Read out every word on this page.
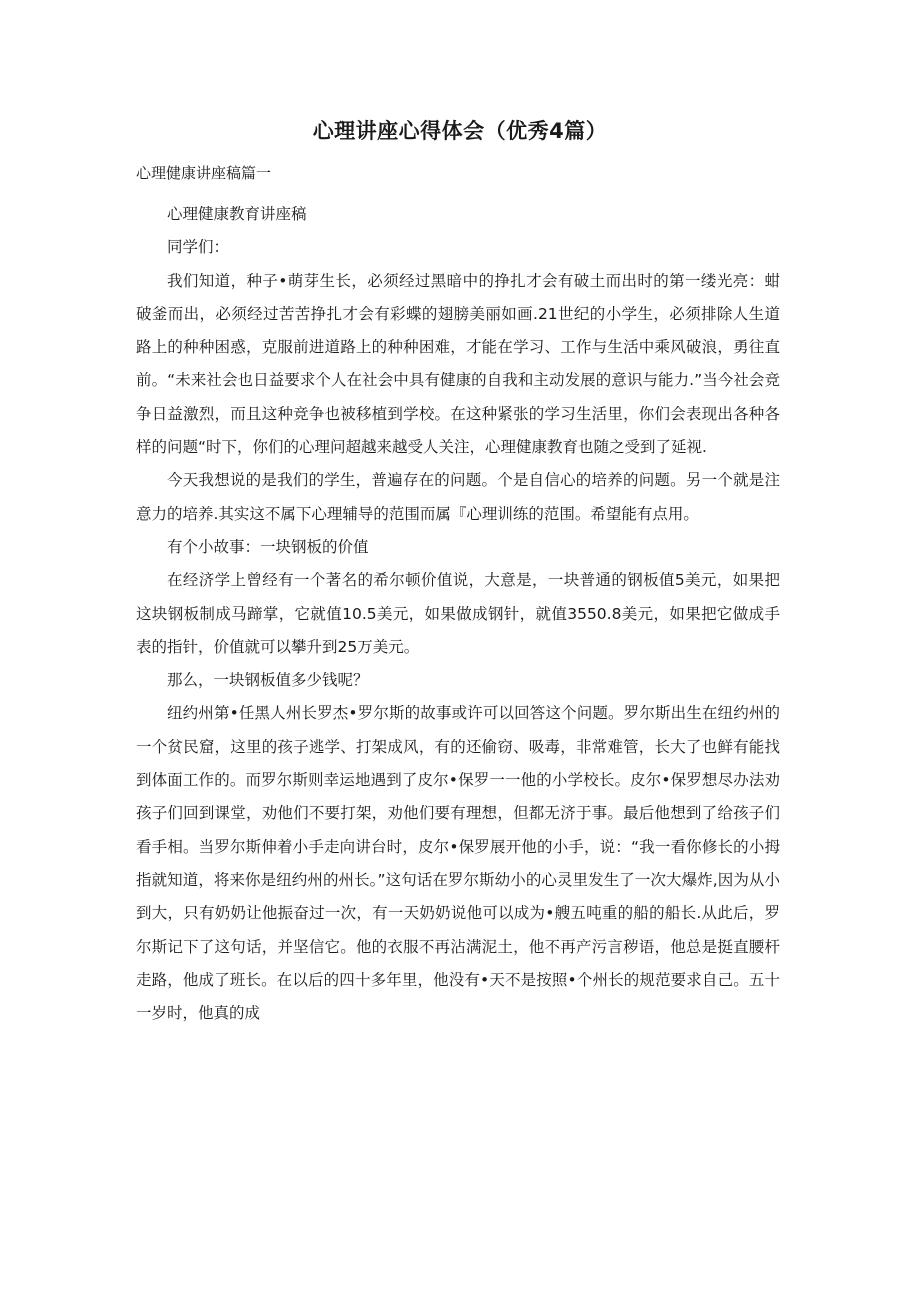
心理讲座心得体会（优秀4篇）
心理健康讲座稿篇一

心理健康教育讲座稿

同学们：

我们知道，种子•萌芽生长，必须经过黑暗中的挣扎才会有破土而出时的第一缕光亮：蚶破釜而出，必须经过苦苦挣扎才会有彩蝶的翅膀美丽如画.21世纪的小学生，必须排除人生道路上的种种困惑，克服前进道路上的种种困难，才能在学习、工作与生活中乘风破浪，勇往直前。“未来社会也日益要求个人在社会中具有健康的自我和主动发展的意识与能力.”当今社会竞争日益激烈，而且这种竞争也被移植到学校。在这种紧张的学习生活里，你们会表现出各种各样的问题“时下，你们的心理问超越来越受人关注，心理健康教育也随之受到了延视.

今天我想说的是我们的学生，普遍存在的问题。个是自信心的培养的问题。另一个就是注意力的培养.其实这不属下心理辅导的范围而属『心理训练的范围。希望能有点用。

有个小故事：一块钢板的价值

在经济学上曾经有一个著名的希尔顿价值说，大意是，一块普通的钢板值5美元，如果把这块钢板制成马蹄掌，它就值10.5美元，如果做成钢针，就值3550.8美元，如果把它做成手表的指针，价值就可以攀升到25万美元。

那么，一块钢板值多少钱呢？

纽约州第•任黑人州长罗杰•罗尔斯的故事或许可以回答这个问题。罗尔斯出生在纽约州的一个贫民窟，这里的孩子逃学、打架成风，有的还偷窃、吸毒，非常难管，长大了也鲜有能找到体面工作的。而罗尔斯则幸运地遇到了皮尔•保罗一一他的小学校长。皮尔•保罗想尽办法劝孩子们回到课堂，劝他们不要打架，劝他们要有理想，但都无济于事。最后他想到了给孩子们看手相。当罗尔斯伸着小手走向讲台时，皮尔•保罗展开他的小手，说：“我一看你修长的小拇指就知道，将来你是纽约州的州长。”这句话在罗尔斯幼小的心灵里发生了一次大爆炸,因为从小到大，只有奶奶让他振奋过一次，有一天奶奶说他可以成为•艘五吨重的船的船长.从此后，罗尔斯记下了这句话，并坚信它。他的衣服不再沾满泥土，他不再产污言秽语，他总是挺直腰杆走路，他成了班长。在以后的四十多年里，他没有•天不是按照•个州长的规范要求自己。五十一岁时，他真的成
